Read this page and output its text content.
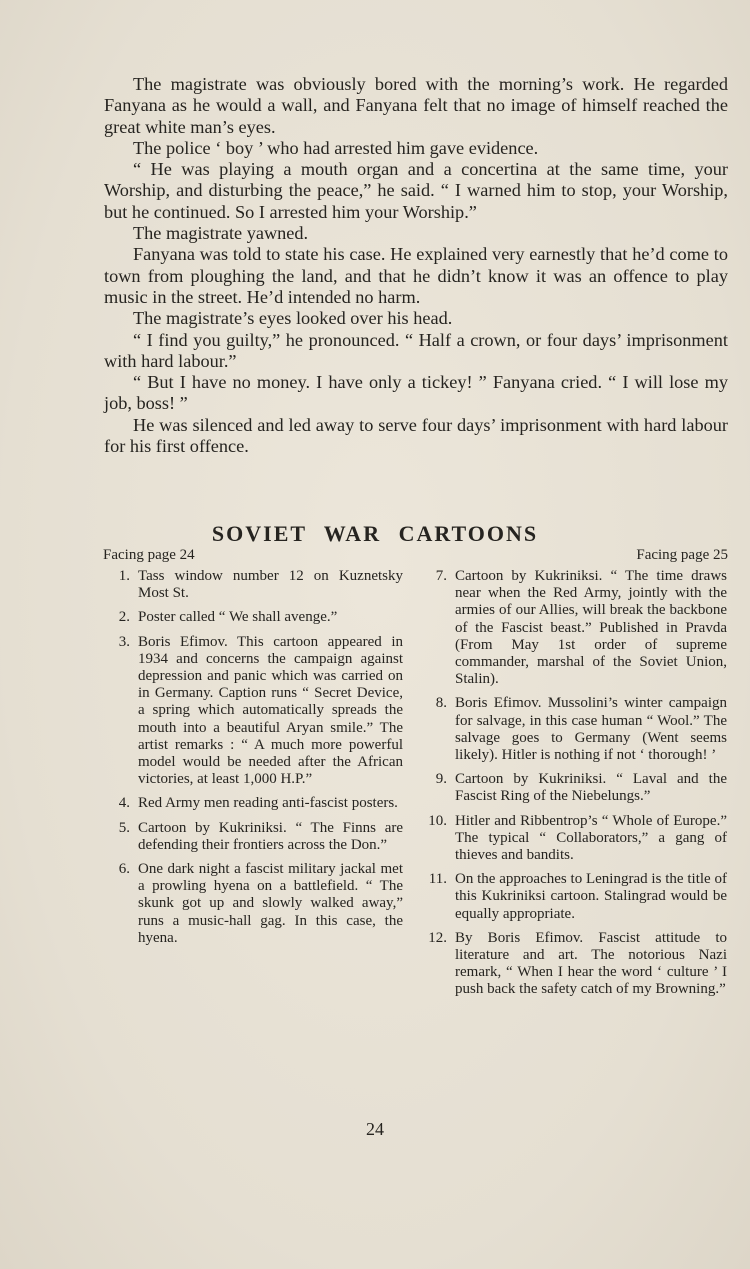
The magistrate was obviously bored with the morning’s work. He regarded Fanyana as he would a wall, and Fanyana felt that no image of himself reached the great white man’s eyes.

The police ‘ boy ’ who had arrested him gave evidence.

“ He was playing a mouth organ and a concertina at the same time, your Worship, and disturbing the peace,” he said. “ I warned him to stop, your Worship, but he continued. So I arrested him your Worship.”

The magistrate yawned.

Fanyana was told to state his case. He explained very earnestly that he’d come to town from ploughing the land, and that he didn’t know it was an offence to play music in the street. He’d intended no harm.

The magistrate’s eyes looked over his head.

“ I find you guilty,” he pronounced. “ Half a crown, or four days’ imprisonment with hard labour.”

“ But I have no money. I have only a tickey! ” Fanyana cried. “ I will lose my job, boss! ”

He was silenced and led away to serve four days’ imprisonment with hard labour for his first offence.

SOVIET WAR CARTOONS
Facing page 24	Facing page 25
1. Tass window number 12 on Kuznetsky Most St.
2. Poster called “ We shall avenge.”
3. Boris Efimov. This cartoon appeared in 1934 and concerns the campaign against depression and panic which was carried on in Germany. Caption runs “ Secret Device, a spring which automatically spreads the mouth into a beautiful Aryan smile.” The artist remarks : “ A much more powerful model would be needed after the African victories, at least 1,000 H.P.”
4. Red Army men reading anti-fascist posters.
5. Cartoon by Kukriniksi. “ The Finns are defending their frontiers across the Don.”
6. One dark night a fascist military jackal met a prowling hyena on a battlefield. “ The skunk got up and slowly walked away,” runs a music-hall gag. In this case, the hyena.
7. Cartoon by Kukriniksi. “ The time draws near when the Red Army, jointly with the armies of our Allies, will break the backbone of the Fascist beast.” Published in Pravda (From May 1st order of supreme commander, marshal of the Soviet Union, Stalin).
8. Boris Efimov. Mussolini’s winter campaign for salvage, in this case human “ Wool.” The salvage goes to Germany (Went seems likely). Hitler is nothing if not ‘ thorough! ’
9. Cartoon by Kukriniksi. “ Laval and the Fascist Ring of the Niebelungs.”
10. Hitler and Ribbentrop’s “ Whole of Europe.” The typical “ Collaborators,” a gang of thieves and bandits.
11. On the approaches to Leningrad is the title of this Kukriniksi cartoon. Stalingrad would be equally appropriate.
12. By Boris Efimov. Fascist attitude to literature and art. The notorious Nazi remark, “ When I hear the word ‘ culture ’ I push back the safety catch of my Browning.”
24
